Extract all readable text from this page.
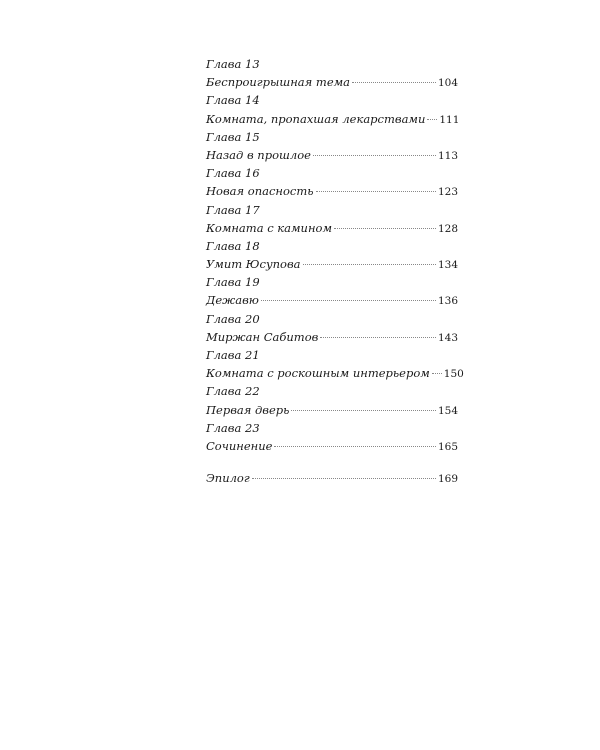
Глава 13
Беспроигрышная тема	104
Глава 14
Комната, пропахшая лекарствами 111
Глава 15
Назад в прошлое	113
Глава 16
Новая опасность	123
Глава 17
Комната с камином	128
Глава 18
Умит Юсупова	134
Глава 19
Дежавю	136
Глава 20
Миржан Сабитов	143
Глава 21
Комната с роскошным интерьером 150
Глава 22
Первая дверь	154
Глава 23
Сочинение	165
Эпилог	169
